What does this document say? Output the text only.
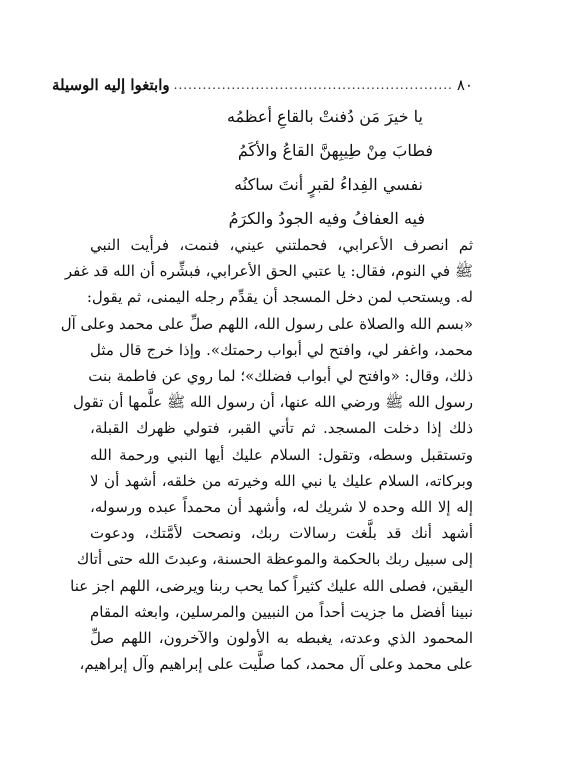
٨٠
..........................................................
وابتغوا إليه الوسيلة
يا خيرَ مَن دُفنتْ بالقاعِ أعظمُه
فطابَ مِنْ طِيبِهنَّ القاعُ والأكَمُ
نفسي الفِداءُ لقبرٍ أنتَ ساكنُه
فيه العفافُ وفيه الجودُ والكرَمُ
ثم انصرف الأعرابي، فحملتني عيني، فنمت، فرأيت النبي
ﷺ في النوم، فقال: يا عتبي الحق الأعرابي، فبشِّره أن الله قد غفر
له. ويستحب لمن دخل المسجد أن يقدِّم رجله اليمنى، ثم يقول:
«بسم الله والصلاة على رسول الله، اللهم صلِّ على محمد وعلى آل
محمد، واغفر لي، وافتح لي أبواب رحمتك». وإذا خرج قال مثل
ذلك، وقال: «وافتح لي أبواب فضلك»؛ لما روي عن فاطمة بنت
رسول الله ﷺ ورضي الله عنها، أن رسول الله ﷺ علَّمها أن تقول
ذلك إذا دخلت المسجد. ثم تأتي القبر، فتولي ظهرك القبلة،
وتستقبل وسطه، وتقول: السلام عليك أيها النبي ورحمة الله
وبركاته، السلام عليك يا نبي الله وخيرته من خلقه، أشهد أن لا
إله إلا الله وحده لا شريك له، وأشهد أن محمداً عبده ورسوله،
أشهد أنك قد بلَّغت رسالات ربك، ونصحت لأمَّتك، ودعوت
إلى سبيل ربك بالحكمة والموعظة الحسنة، وعبدتَ الله حتى أتاك
اليقين، فصلى الله عليك كثيراً كما يحب ربنا ويرضى، اللهم اجز عنا
نبينا أفضل ما جزيت أحداً من النبيين والمرسلين، وابعثه المقام
المحمود الذي وعدته، يغبطه به الأولون والآخرون، اللهم صلِّ
على محمد وعلى آل محمد، كما صلَّيت على إبراهيم وآل إبراهيم،
